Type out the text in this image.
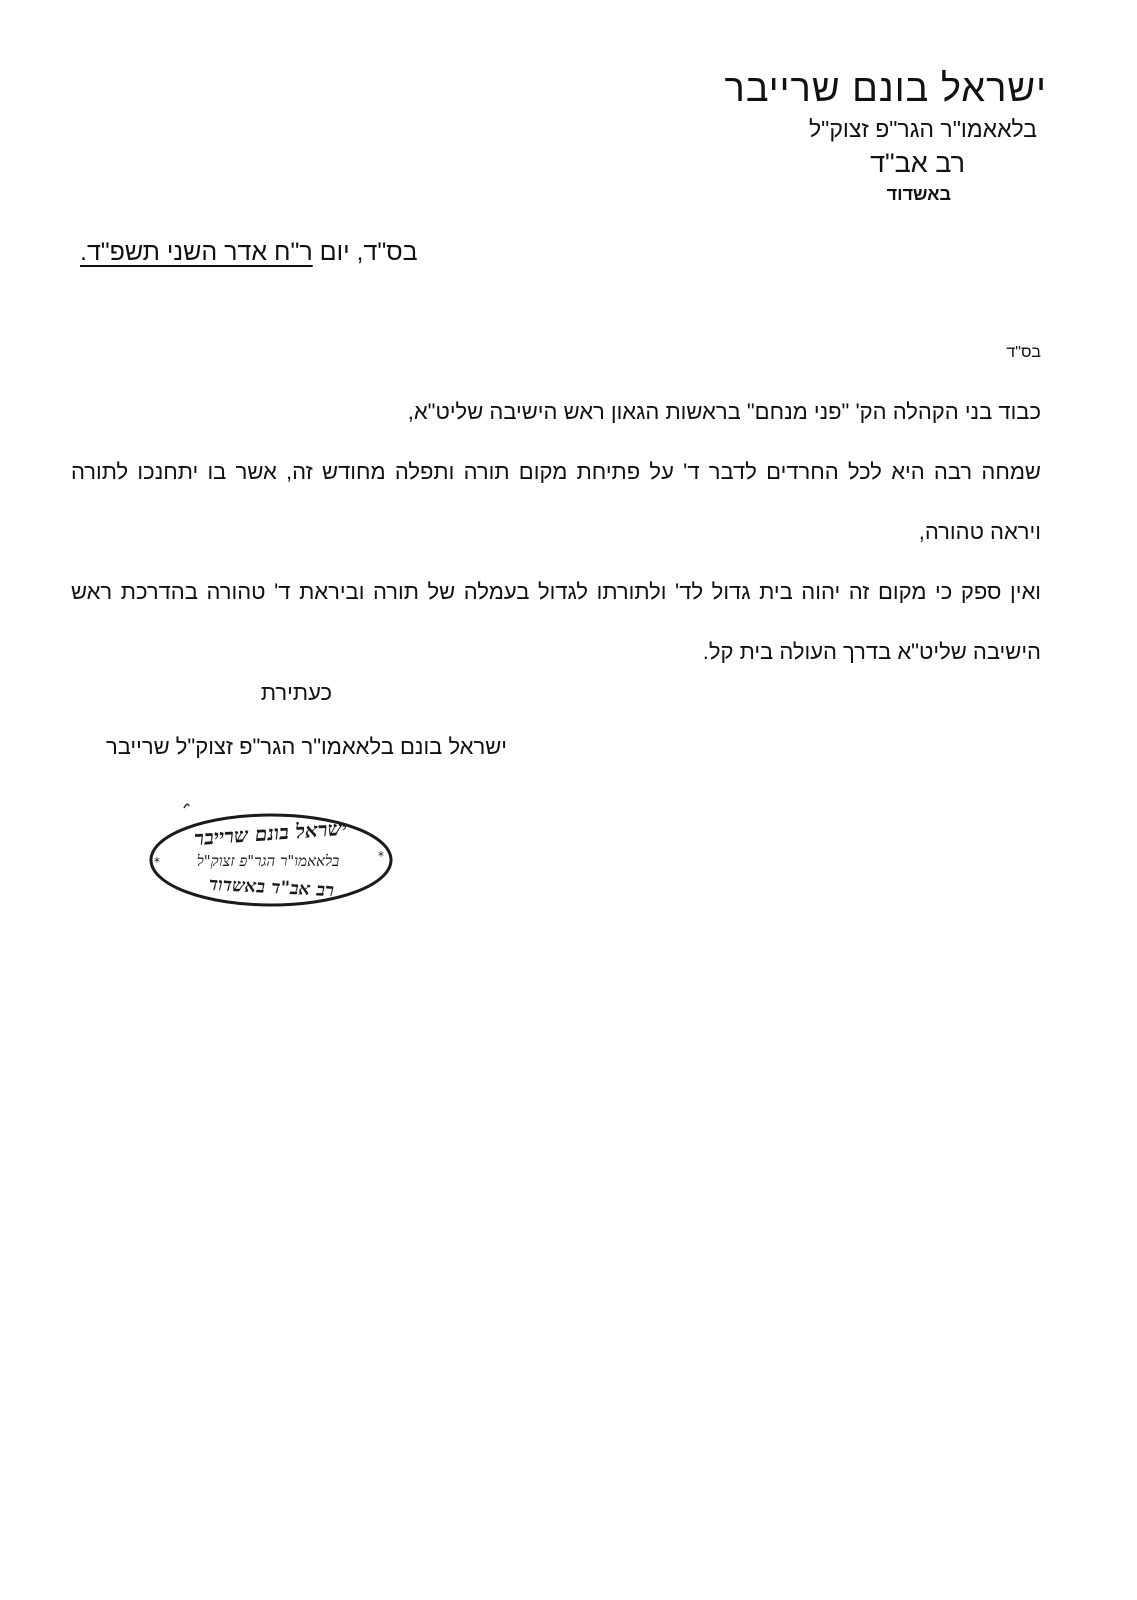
ישראל בונם שרייבר
בלאאמו"ר הגר"פ זצוק"ל
רב אב"ד
באשדוד
בס"ד, יום ר"ח אדר השני תשפ"ד.
בס"ד

כבוד בני הקהלה הק' "פני מנחם" בראשות הגאון ראש הישיבה שליט"א,

שמחה רבה היא לכל החרדים לדבר ד' על פתיחת מקום תורה ותפלה מחודש זה, אשר בו יתחנכו לתורה ויראה טהורה,

ואין ספק כי מקום זה יהוה בית גדול לד' ולתורתו לגדול בעמלה של תורה וביראת ד' טהורה בהדרכת ראש הישיבה שליט"א בדרך העולה בית קל.

כעתירת
ישראל בונם בלאאמו"ר הגר"פ זצוק"ל שרייבר
ישראל בונם שרייבר
*	*
בלאאמו"ר הגר"פ זצוק"ל
רב אב"ד באשדוד
